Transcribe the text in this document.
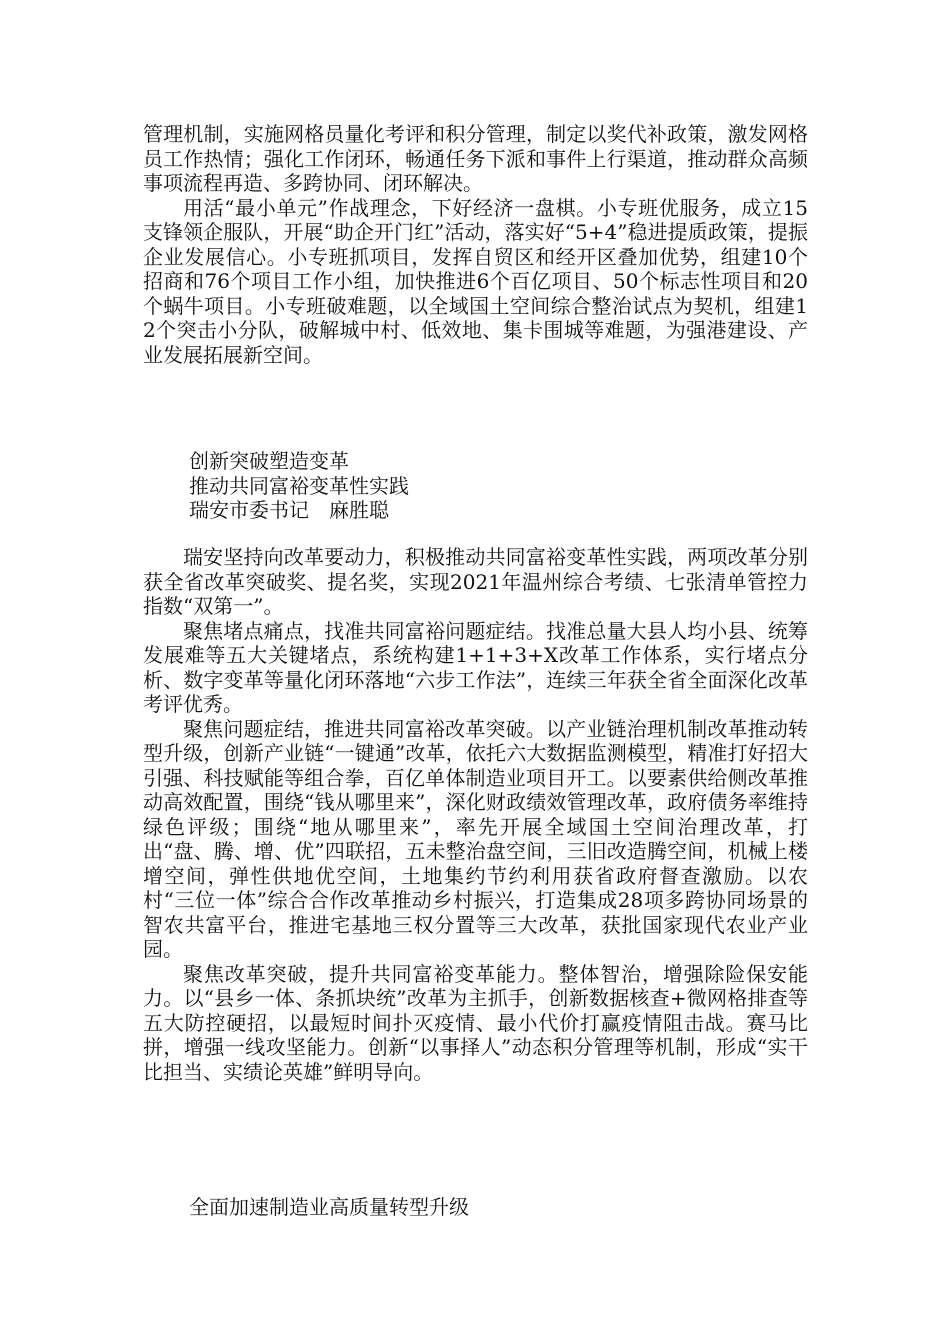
管理机制，实施网格员量化考评和积分管理，制定以奖代补政策，激发网格员工作热情；强化工作闭环，畅通任务下派和事件上行渠道，推动群众高频事项流程再造、多跨协同、闭环解决。

用活“最小单元”作战理念，下好经济一盘棋。小专班优服务，成立15支锋领企服队，开展“助企开门红”活动，落实好“5+4”稳进提质政策，提振企业发展信心。小专班抓项目，发挥自贸区和经开区叠加优势，组建10个招商和76个项目工作小组，加快推进6个百亿项目、50个标志性项目和20个蜗牛项目。小专班破难题，以全域国土空间综合整治试点为契机，组建12个突击小分队，破解城中村、低效地、集卡围城等难题，为强港建设、产业发展拓展新空间。

创新突破塑造变革
推动共同富裕变革性实践
瑞安市委书记　麻胜聪

瑞安坚持向改革要动力，积极推动共同富裕变革性实践，两项改革分别获全省改革突破奖、提名奖，实现2021年温州综合考绩、七张清单管控力指数“双第一”。

聚焦堵点痛点，找准共同富裕问题症结。找准总量大县人均小县、统筹发展难等五大关键堵点，系统构建1+1+3+X改革工作体系，实行堵点分析、数字变革等量化闭环落地“六步工作法”，连续三年获全省全面深化改革考评优秀。

聚焦问题症结，推进共同富裕改革突破。以产业链治理机制改革推动转型升级，创新产业链“一键通”改革，依托六大数据监测模型，精准打好招大引强、科技赋能等组合拳，百亿单体制造业项目开工。以要素供给侧改革推动高效配置，围绕“钱从哪里来”，深化财政绩效管理改革，政府债务率维持绿色评级；围绕“地从哪里来”，率先开展全域国土空间治理改革，打出“盘、腾、增、优”四联招，五未整治盘空间，三旧改造腾空间，机械上楼增空间，弹性供地优空间，土地集约节约利用获省政府督查激励。以农村“三位一体”综合合作改革推动乡村振兴，打造集成28项多跨协同场景的智农共富平台，推进宅基地三权分置等三大改革，获批国家现代农业产业园。

聚焦改革突破，提升共同富裕变革能力。整体智治，增强除险保安能力。以“县乡一体、条抓块统”改革为主抓手，创新数据核查+微网格排查等五大防控硬招，以最短时间扑灭疫情、最小代价打赢疫情阻击战。赛马比拼，增强一线攻坚能力。创新“以事择人”动态积分管理等机制，形成“实干比担当、实绩论英雄”鲜明导向。

全面加速制造业高质量转型升级
